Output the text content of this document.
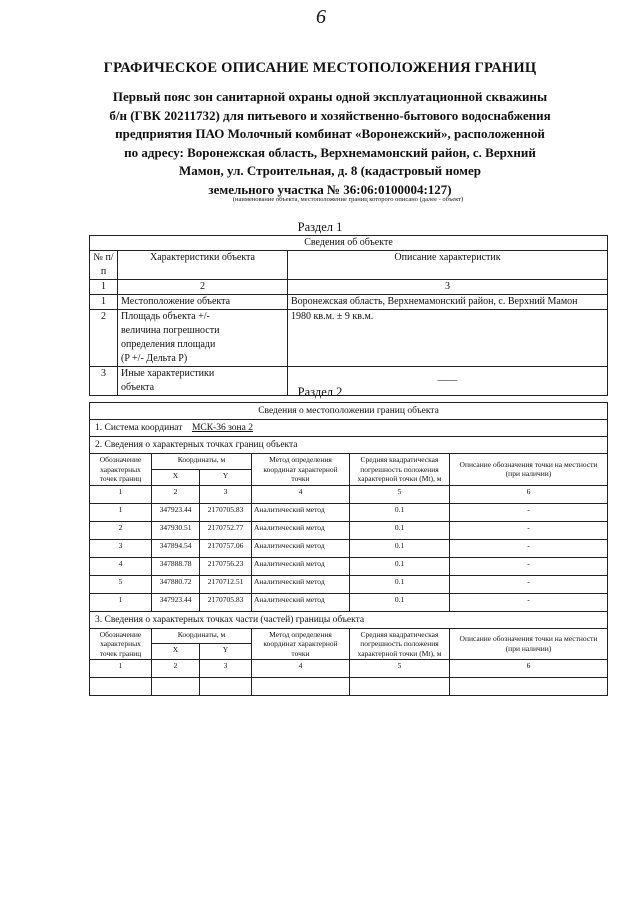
6
ГРАФИЧЕСКОЕ ОПИСАНИЕ МЕСТОПОЛОЖЕНИЯ ГРАНИЦ
Первый пояс зон санитарной охраны одной эксплуатационной скважины
б/н (ГВК 20211732) для питьевого и хозяйственно-бытового водоснабжения
предприятия ПАО Молочный комбинат «Воронежский», расположенной
по адресу: Воронежская область, Верхнемамонский район, с. Верхний
Мамон, ул. Строительная, д. 8 (кадастровый номер
земельного участка № 36:06:0100004:127)
(наименование объекта, местоположение границ которого описано (далее - объект)
Раздел 1
Сведения об объекте		
№ п/п	Характеристики объекта	Описание характеристик
1	2	3
1	Местоположение объекта	Воронежская область, Верхнемамонский район, с. Верхний Мамон
2	Площадь объекта +/-
величина погрешности
определения площади
(P +/- Дельта P)	1980 кв.м. ± 9 кв.м.
3	Иные характеристики
объекта	——
Раздел 2
Сведения о местоположении границ объекта					
1. Система координат МСК-36 зона 2					
2. Сведения о характерных точках границ объекта					
Обозначение характерных точек границ	Координаты, м		Метод определения координат характерной точки	Средняя квадратическая погрешность положения характерной точки (Mt), м	Описание обозначения точки на местности (при наличии)
	X	Y			
1	2	3	4	5	6
1	347923.44	2170705.83	Аналитический метод	0.1	-
2	347930.51	2170752.77	Аналитический метод	0.1	-
3	347894.54	2170757.06	Аналитический метод	0.1	-
4	347888.78	2170756.23	Аналитический метод	0.1	-
5	347880.72	2170712.51	Аналитический метод	0.1	-
1	347923.44	2170705.83	Аналитический метод	0.1	-
3. Сведения о характерных точках части (частей) границы объекта					
Обозначение характерных точек границ	Координаты, м		Метод определения координат характерной точки	Средняя квадратическая погрешность положения характерной точки (Mt), м	Описание обозначения точки на местности (при наличии)
	X	Y			
1	2	3	4	5	6
